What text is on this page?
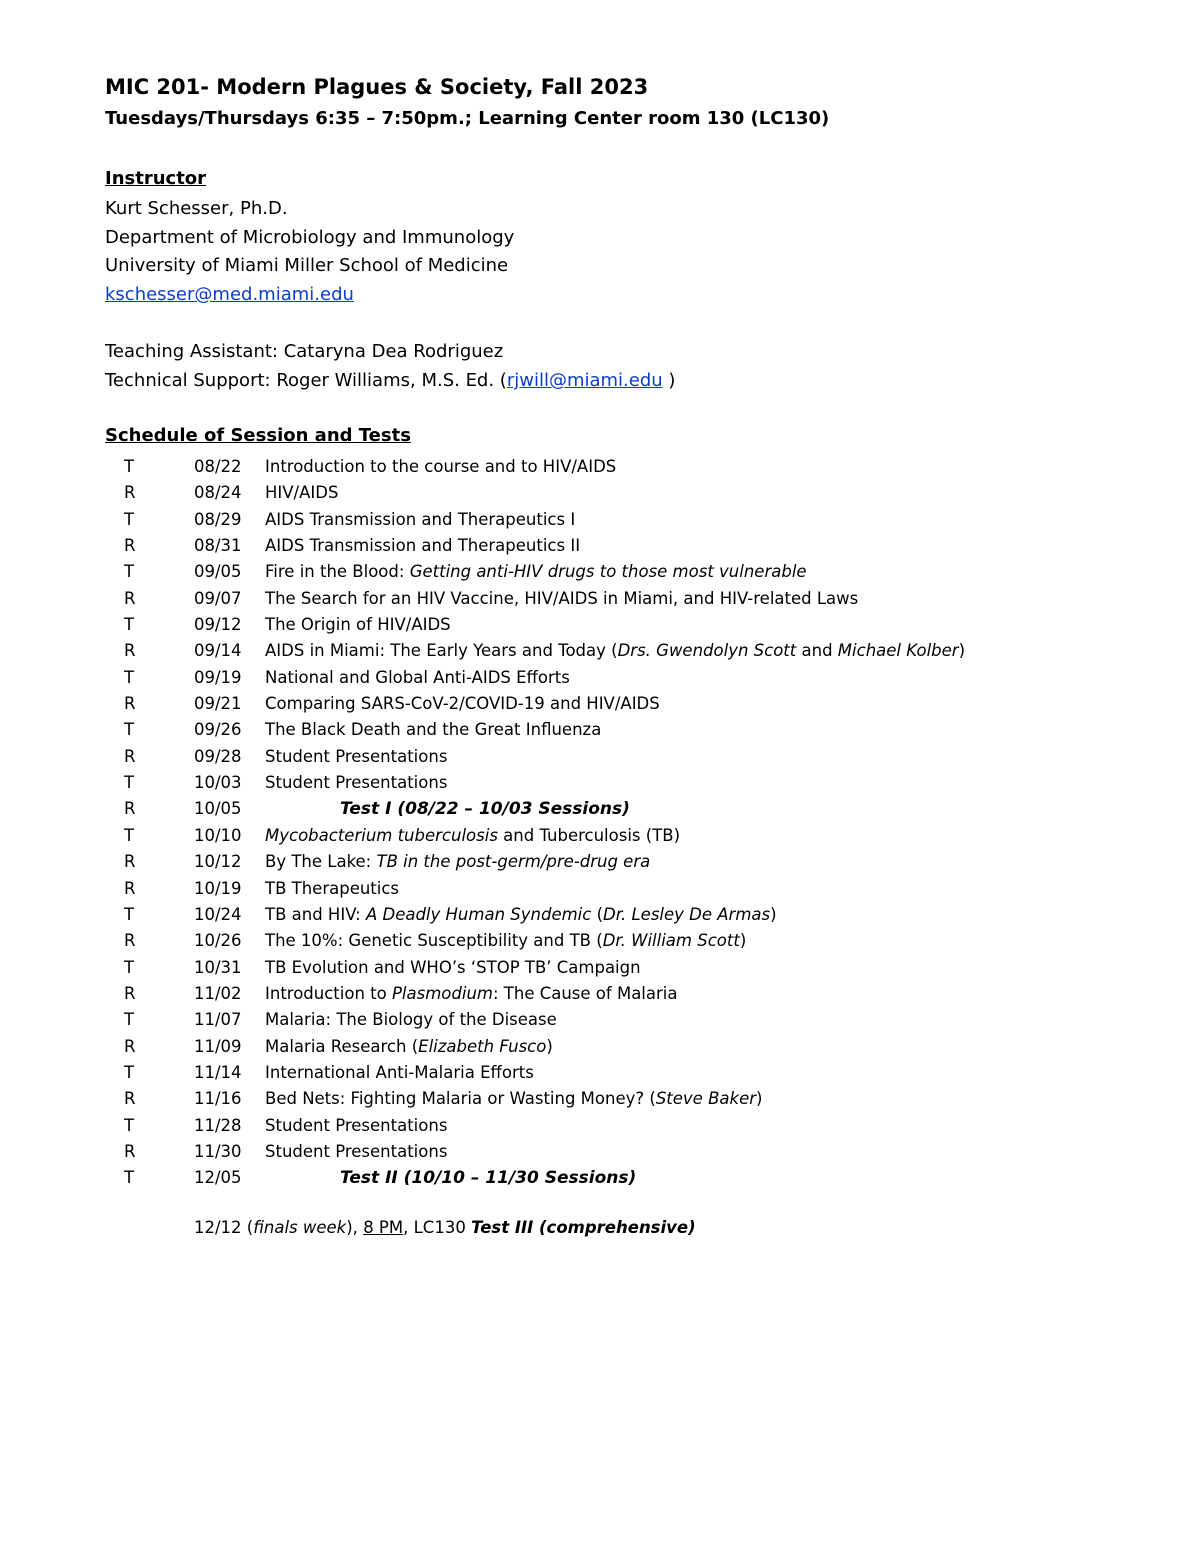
MIC 201- Modern Plagues & Society, Fall 2023
Tuesdays/Thursdays 6:35 – 7:50pm.; Learning Center room 130 (LC130)
Instructor
Kurt Schesser, Ph.D.
Department of Microbiology and Immunology
University of Miami Miller School of Medicine
kschesser@med.miami.edu
Teaching Assistant: Cataryna Dea Rodriguez
Technical Support: Roger Williams, M.S. Ed. (rjwill@miami.edu )
Schedule of Session and Tests
T	08/22 Introduction to the course and to HIV/AIDS
R	08/24 HIV/AIDS
T	08/29 AIDS Transmission and Therapeutics I
R	08/31 AIDS Transmission and Therapeutics II
T	09/05 Fire in the Blood: Getting anti-HIV drugs to those most vulnerable
R	09/07 The Search for an HIV Vaccine, HIV/AIDS in Miami, and HIV-related Laws
T	09/12 The Origin of HIV/AIDS
R	09/14 AIDS in Miami: The Early Years and Today (Drs. Gwendolyn Scott and Michael Kolber)
T	09/19 National and Global Anti-AIDS Efforts
R	09/21 Comparing SARS-CoV-2/COVID-19 and HIV/AIDS
T	09/26 The Black Death and the Great Influenza
R	09/28 Student Presentations
T	10/03 Student Presentations
R	10/05	Test I (08/22 – 10/03 Sessions)
T	10/10 Mycobacterium tuberculosis and Tuberculosis (TB)
R	10/12 By The Lake: TB in the post-germ/pre-drug era
R	10/19 TB Therapeutics
T	10/24 TB and HIV: A Deadly Human Syndemic (Dr. Lesley De Armas)
R	10/26 The 10%: Genetic Susceptibility and TB (Dr. William Scott)
T	10/31 TB Evolution and WHO’s ‘STOP TB’ Campaign
R	11/02 Introduction to Plasmodium: The Cause of Malaria
T	11/07 Malaria: The Biology of the Disease
R	11/09 Malaria Research (Elizabeth Fusco)
T	11/14 International Anti-Malaria Efforts
R	11/16 Bed Nets: Fighting Malaria or Wasting Money? (Steve Baker)
T	11/28 Student Presentations
R	11/30 Student Presentations
T	12/05	Test II (10/10 – 11/30 Sessions)
12/12 (finals week), 8 PM, LC130 Test III (comprehensive)
